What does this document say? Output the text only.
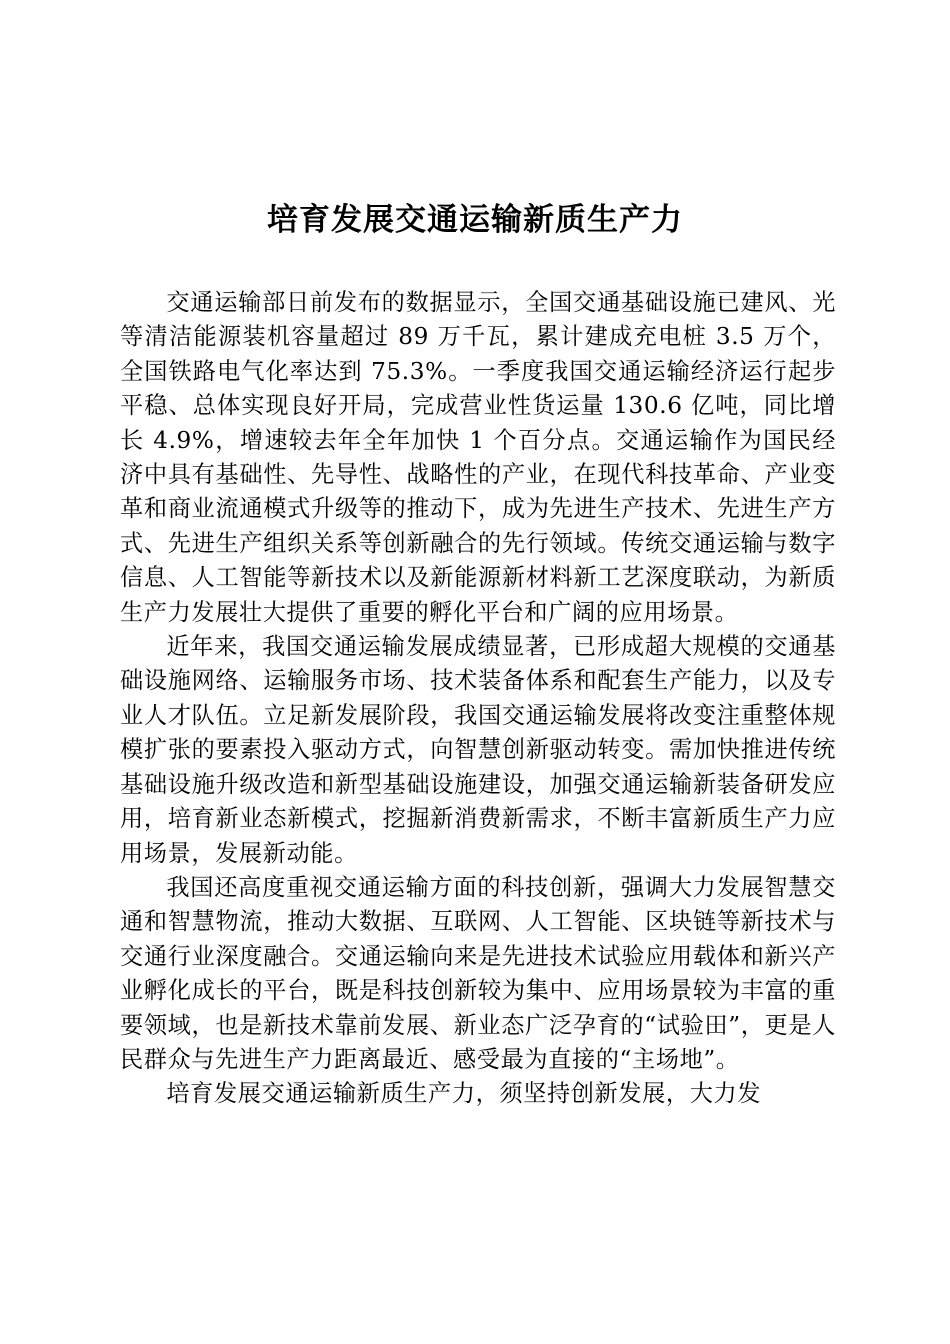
培育发展交通运输新质生产力

交通运输部日前发布的数据显示，全国交通基础设施已建风、光等清洁能源装机容量超过 89 万千瓦，累计建成充电桩 3.5 万个，全国铁路电气化率达到 75.3%。一季度我国交通运输经济运行起步平稳、总体实现良好开局，完成营业性货运量 130.6 亿吨，同比增长 4.9%，增速较去年全年加快 1 个百分点。交通运输作为国民经济中具有基础性、先导性、战略性的产业，在现代科技革命、产业变革和商业流通模式升级等的推动下，成为先进生产技术、先进生产方式、先进生产组织关系等创新融合的先行领域。传统交通运输与数字信息、人工智能等新技术以及新能源新材料新工艺深度联动，为新质生产力发展壮大提供了重要的孵化平台和广阔的应用场景。

近年来，我国交通运输发展成绩显著，已形成超大规模的交通基础设施网络、运输服务市场、技术装备体系和配套生产能力，以及专业人才队伍。立足新发展阶段，我国交通运输发展将改变注重整体规模扩张的要素投入驱动方式，向智慧创新驱动转变。需加快推进传统基础设施升级改造和新型基础设施建设，加强交通运输新装备研发应用，培育新业态新模式，挖掘新消费新需求，不断丰富新质生产力应用场景，发展新动能。

我国还高度重视交通运输方面的科技创新，强调大力发展智慧交通和智慧物流，推动大数据、互联网、人工智能、区块链等新技术与交通行业深度融合。交通运输向来是先进技术试验应用载体和新兴产业孵化成长的平台，既是科技创新较为集中、应用场景较为丰富的重要领域，也是新技术靠前发展、新业态广泛孕育的“试验田”，更是人民群众与先进生产力距离最近、感受最为直接的“主场地”。

培育发展交通运输新质生产力，须坚持创新发展，大力发
